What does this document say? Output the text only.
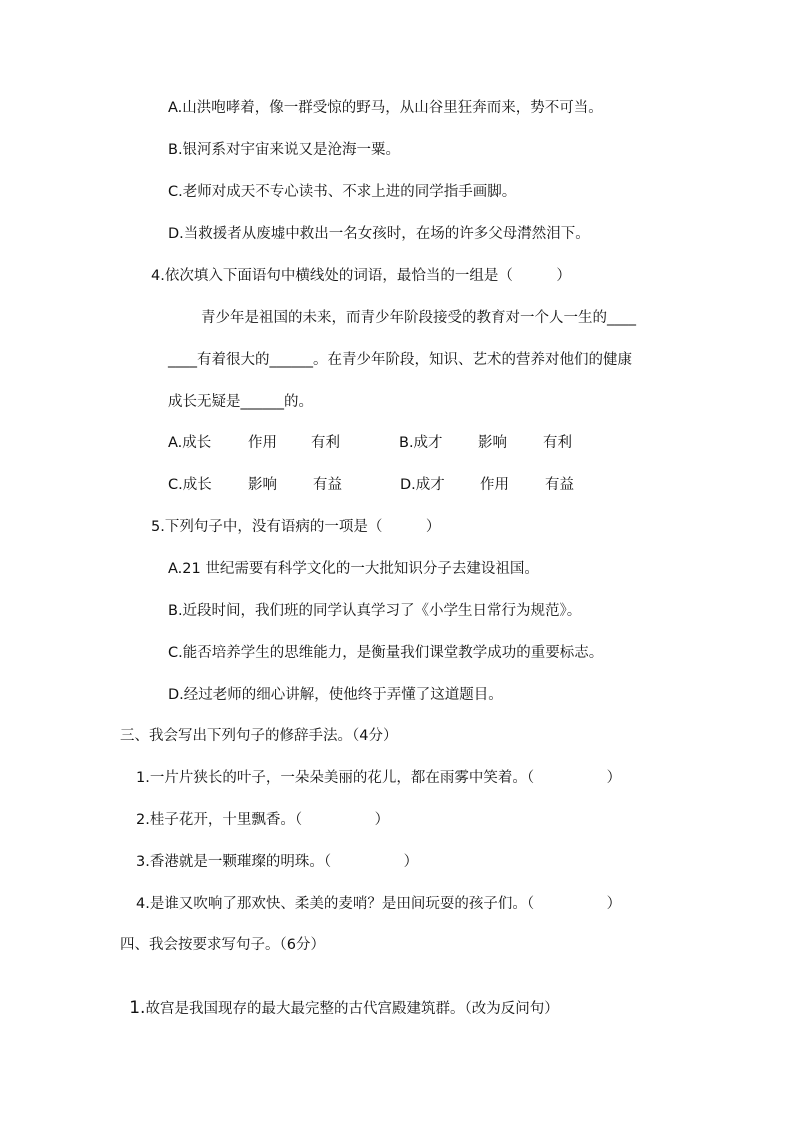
A.山洪咆哮着，像一群受惊的野马，从山谷里狂奔而来，势不可当。
B.银河系对宇宙来说又是沧海一粟。
C.老师对成天不专心读书、不求上进的同学指手画脚。
D.当救援者从废墟中救出一名女孩时，在场的许多父母潸然泪下。
4.依次填入下面语句中横线处的词语，最恰当的一组是（　　　）
青少年是祖国的未来，而青少年阶段接受的教育对一个人一生的____
____有着很大的______。在青少年阶段，知识、艺术的营养对他们的健康
成长无疑是______的。
A.成长	作用 有利	B.成才 影响 有利
C.成长	影响 有益	D.成才 作用 有益
5.下列句子中，没有语病的一项是（　　　）
A.21 世纪需要有科学文化的一大批知识分子去建设祖国。
B.近段时间，我们班的同学认真学习了《小学生日常行为规范》。
C.能否培养学生的思维能力，是衡量我们课堂教学成功的重要标志。
D.经过老师的细心讲解，使他终于弄懂了这道题目。
三、我会写出下列句子的修辞手法。（4分）
1.一片片狭长的叶子，一朵朵美丽的花儿，都在雨雾中笑着。（　　　　　）
2.桂子花开，十里飘香。（　　　　　）
3.香港就是一颗璀璨的明珠。（　　　　　）
4.是谁又吹响了那欢快、柔美的麦哨？是田间玩耍的孩子们。（　　　　　）
四、我会按要求写句子。（6分）

1.故宫是我国现存的最大最完整的古代宫殿建筑群。（改为反问句）
